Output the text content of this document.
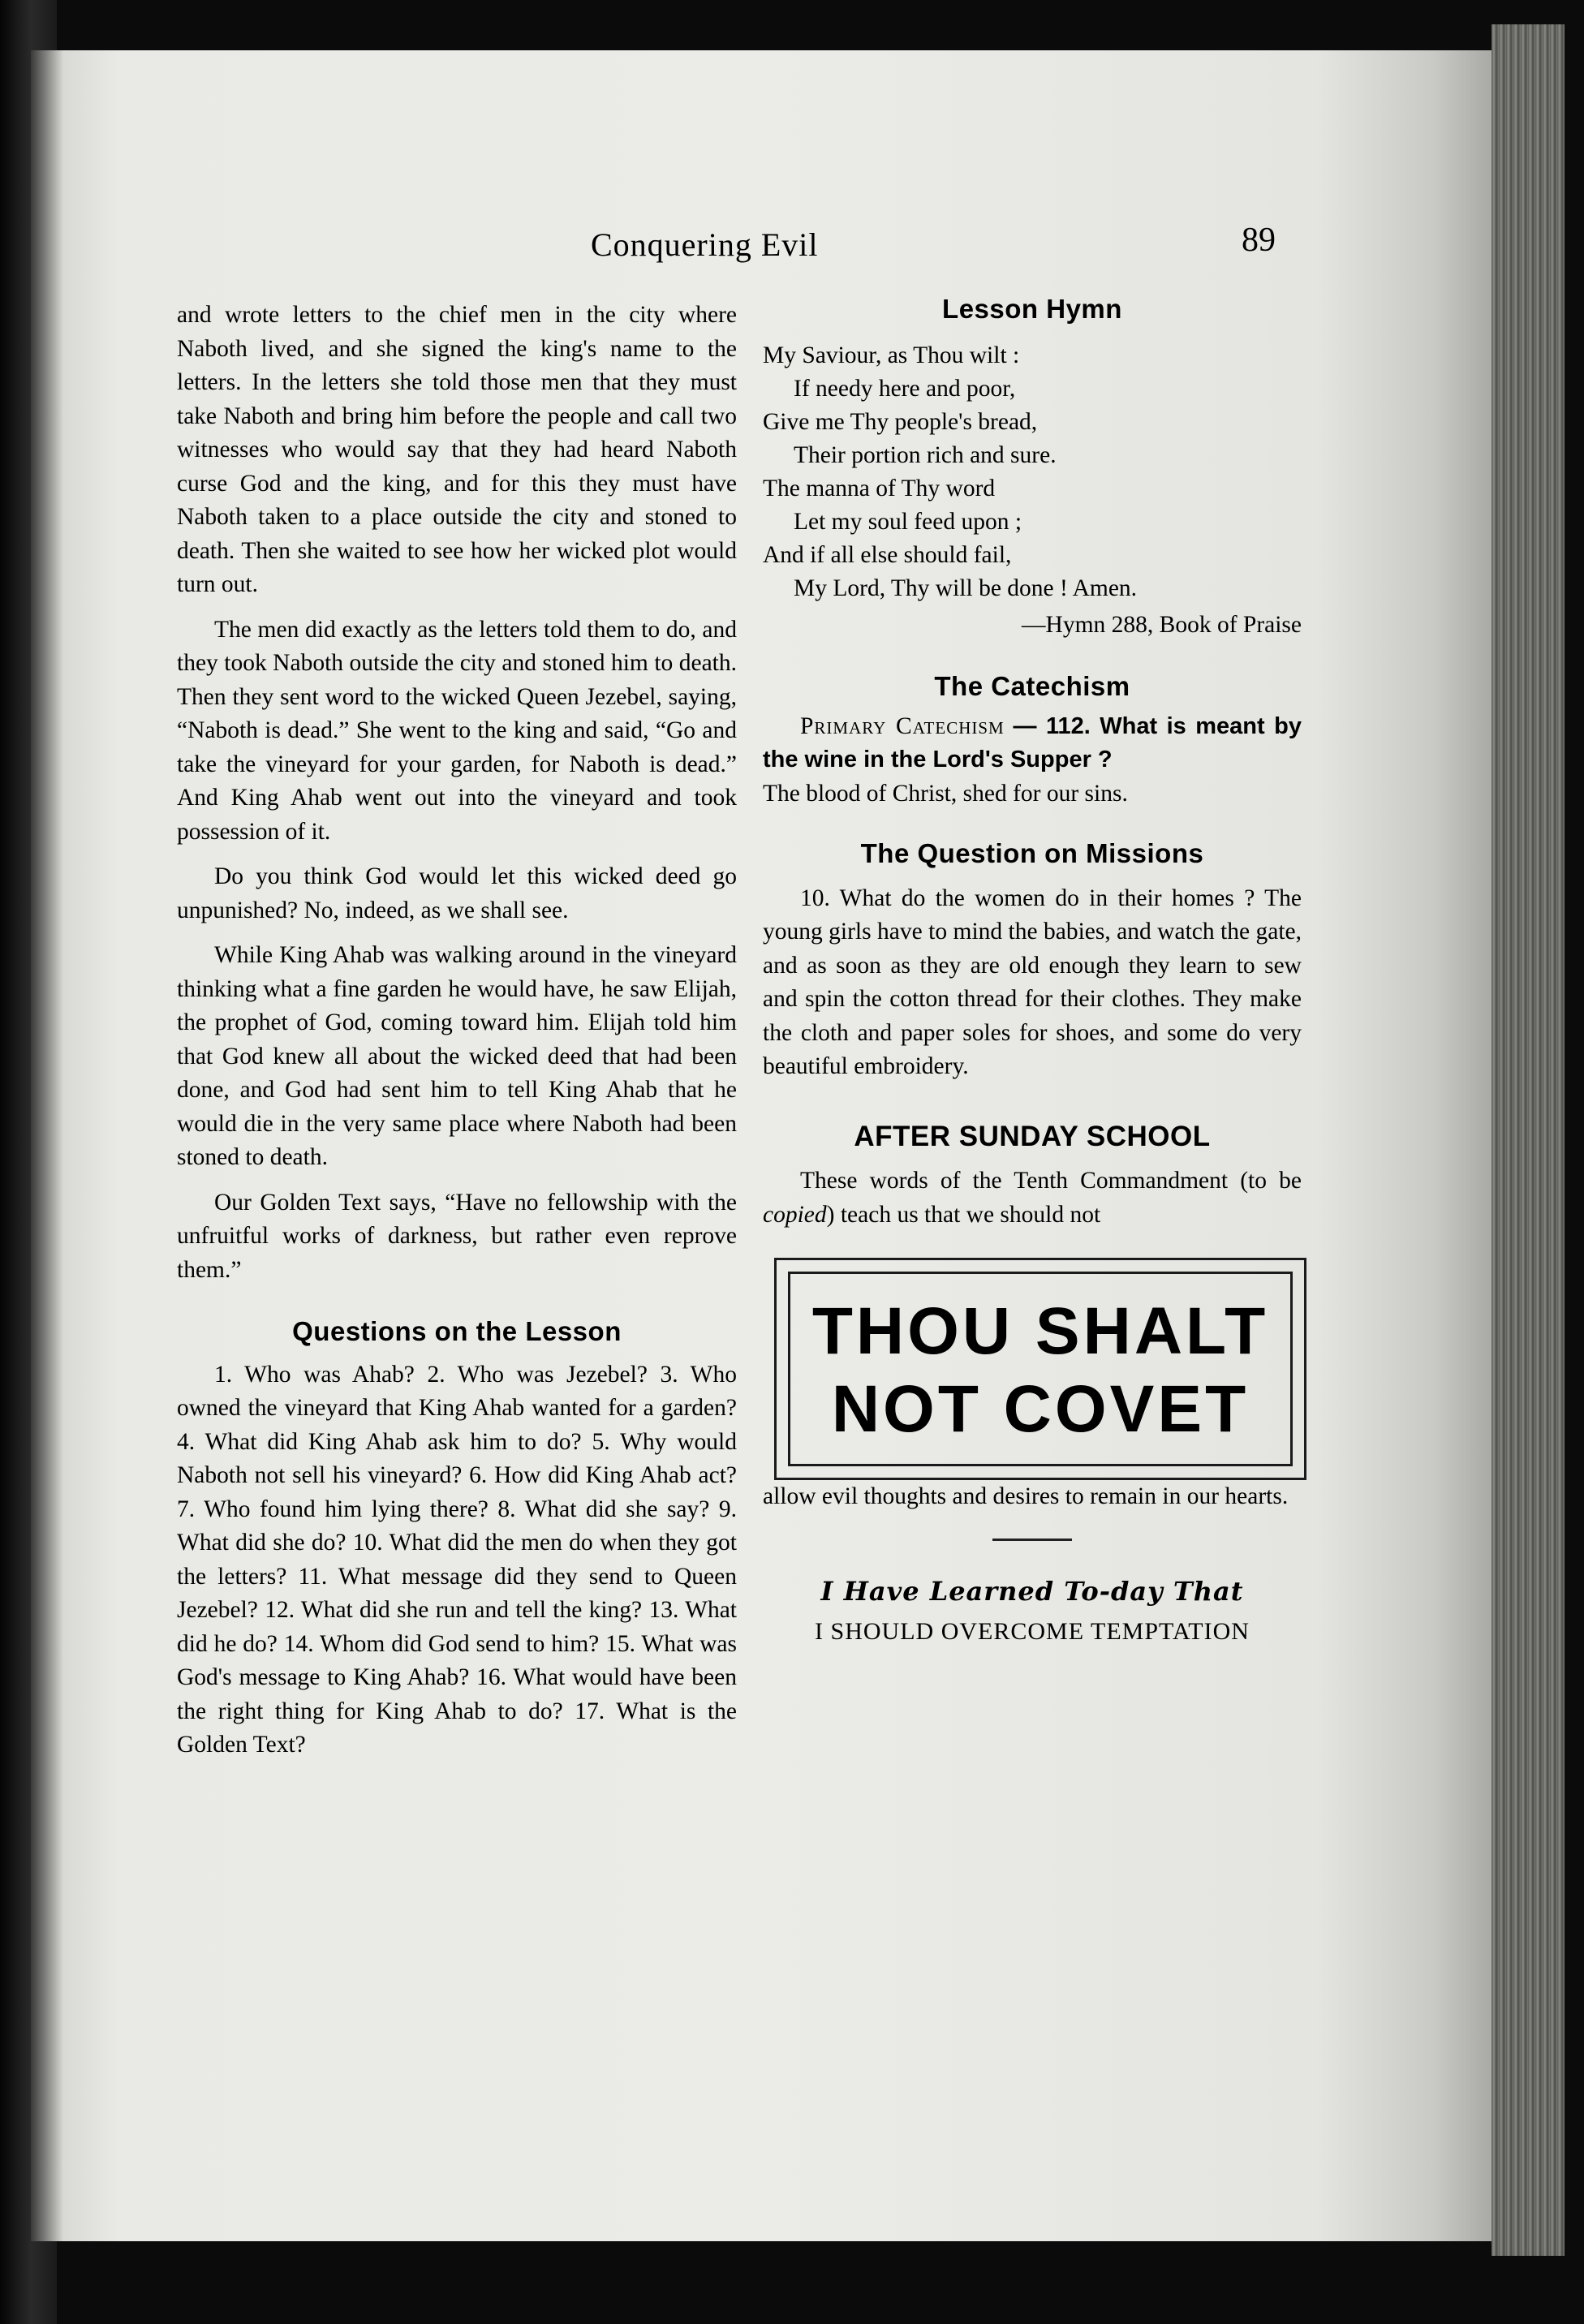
Conquering Evil	89

and wrote letters to the chief men in the city where Naboth lived, and she signed the king's name to the letters. In the letters she told those men that they must take Naboth and bring him before the people and call two witnesses who would say that they had heard Naboth curse God and the king, and for this they must have Naboth taken to a place outside the city and stoned to death. Then she waited to see how her wicked plot would turn out.

The men did exactly as the letters told them to do, and they took Naboth outside the city and stoned him to death. Then they sent word to the wicked Queen Jezebel, saying, “Naboth is dead.” She went to the king and said, “Go and take the vineyard for your garden, for Naboth is dead.” And King Ahab went out into the vineyard and took possession of it.

Do you think God would let this wicked deed go unpunished? No, indeed, as we shall see.

While King Ahab was walking around in the vineyard thinking what a fine garden he would have, he saw Elijah, the prophet of God, coming toward him. Elijah told him that God knew all about the wicked deed that had been done, and God had sent him to tell King Ahab that he would die in the very same place where Naboth had been stoned to death.

Our Golden Text says, “Have no fellowship with the unfruitful works of darkness, but rather even reprove them.”

Questions on the Lesson

1. Who was Ahab? 2. Who was Jezebel? 3. Who owned the vineyard that King Ahab wanted for a garden? 4. What did King Ahab ask him to do? 5. Why would Naboth not sell his vineyard? 6. How did King Ahab act? 7. Who found him lying there? 8. What did she say? 9. What did she do? 10. What did the men do when they got the letters? 11. What message did they send to Queen Jezebel? 12. What did she run and tell the king? 13. What did he do? 14. Whom did God send to him? 15. What was God's message to King Ahab? 16. What would have been the right thing for King Ahab to do? 17. What is the Golden Text?

Lesson Hymn
My Saviour, as Thou wilt :
If needy here and poor,
Give me Thy people's bread,
Their portion rich and sure.
The manna of Thy word
Let my soul feed upon ;
And if all else should fail,
My Lord, Thy will be done ! Amen.
—Hymn 288, Book of Praise
The Catechism

Primary Catechism — 112. What is meant by the wine in the Lord's Supper ?

The blood of Christ, shed for our sins.

The Question on Missions

10. What do the women do in their homes ? The young girls have to mind the babies, and watch the gate, and as soon as they are old enough they learn to sew and spin the cotton thread for their clothes. They make the cloth and paper soles for shoes, and some do very beautiful embroidery.

AFTER SUNDAY SCHOOL

These words of the Tenth Commandment (to be copied) teach us that we should not

THOU SHALT
NOT COVET

allow evil thoughts and desires to remain in our hearts.

I Have Learned To-day That
I SHOULD OVERCOME TEMPTATION
